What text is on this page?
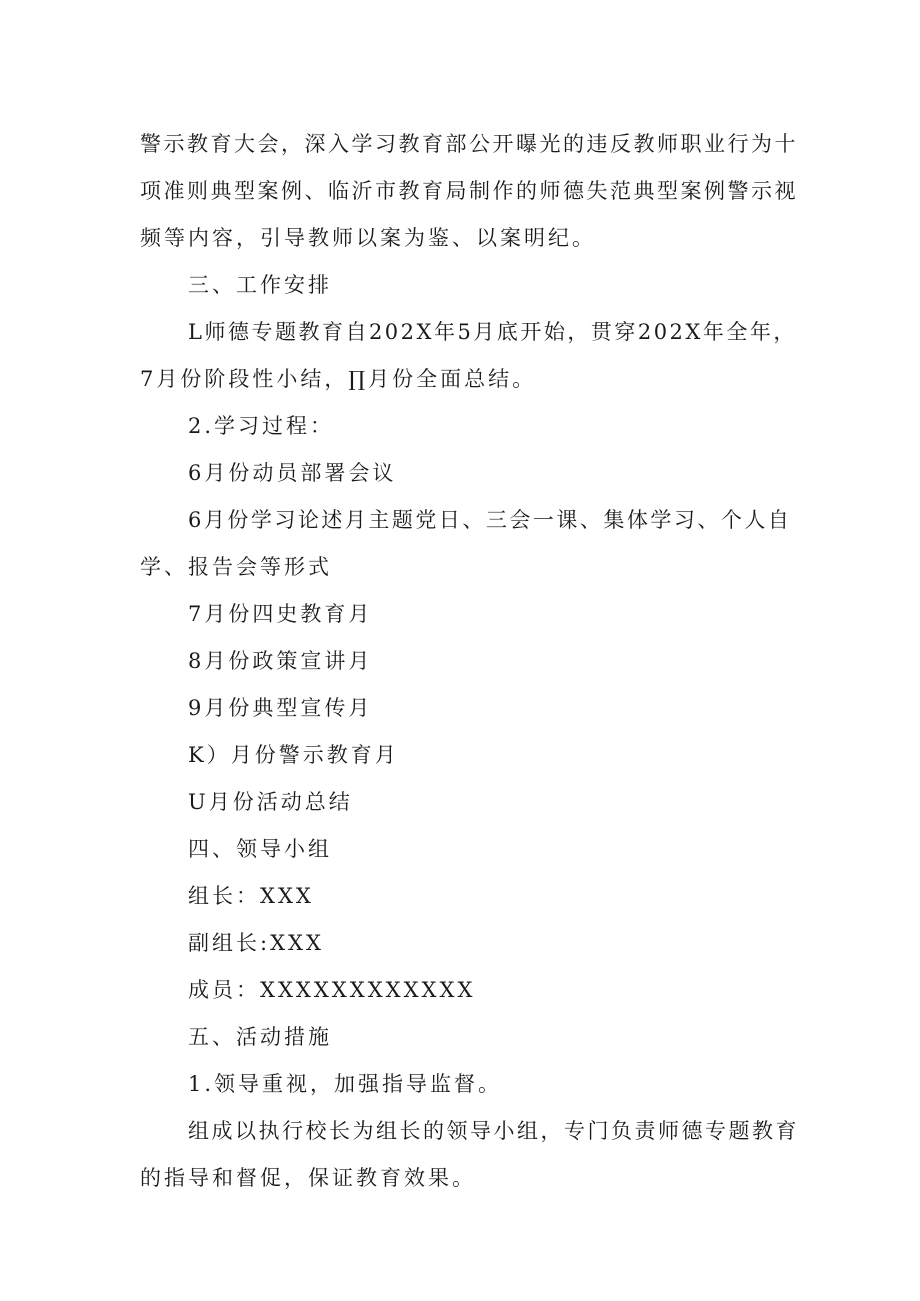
警示教育大会，深入学习教育部公开曝光的违反教师职业行为十
项准则典型案例、临沂市教育局制作的师德失范典型案例警示视
频等内容，引导教师以案为鉴、以案明纪。
三、工作安排
L师德专题教育自202X年5月底开始，贯穿202X年全年，
7月份阶段性小结，∏月份全面总结。
2.学习过程：
6月份动员部署会议
6月份学习论述月主题党日、三会一课、集体学习、个人自
学、报告会等形式
7月份四史教育月
8月份政策宣讲月
9月份典型宣传月
K）月份警示教育月
U月份活动总结
四、领导小组
组长：XXX
副组长:XXX
成员：XXXXXXXXXXXX
五、活动措施
1.领导重视，加强指导监督。
组成以执行校长为组长的领导小组，专门负责师德专题教育
的指导和督促，保证教育效果。
